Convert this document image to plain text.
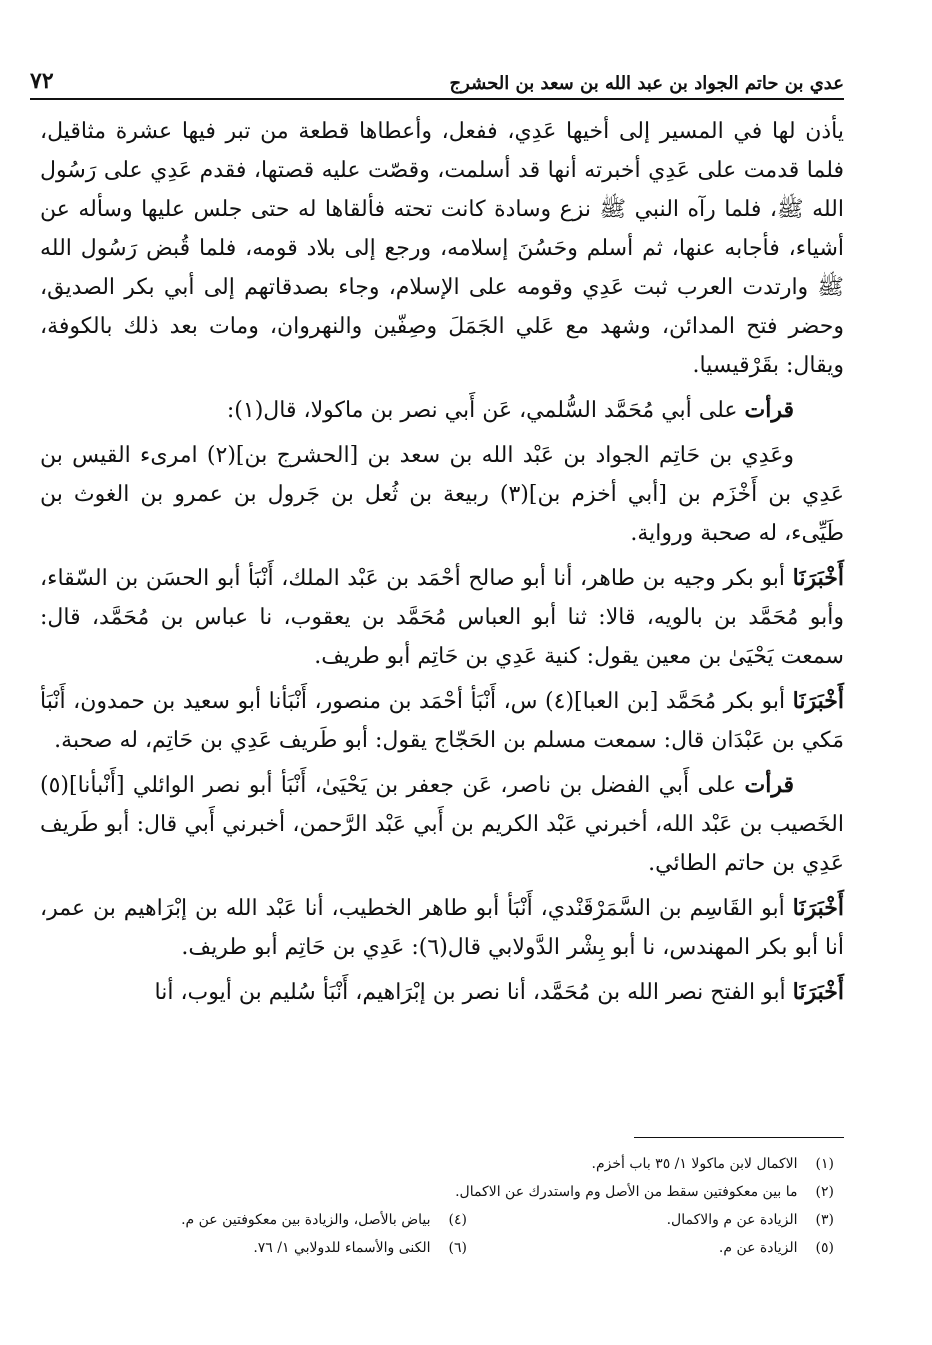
عدي بن حاتم الجواد بن عبد الله بن سعد بن الحشرج
٧٢

يأذن لها في المسير إلى أخيها عَدِي، ففعل، وأعطاها قطعة من تبر فيها عشرة مثاقيل، فلما قدمت على عَدِي أخبرته أنها قد أسلمت، وقصّت عليه قصتها، فقدم عَدِي على رَسُول الله ﷺ، فلما رآه النبي ﷺ نزع وسادة كانت تحته فألقاها له حتى جلس عليها وسأله عن أشياء، فأجابه عنها، ثم أسلم وحَسُنَ إسلامه، ورجع إلى بلاد قومه، فلما قُبض رَسُول الله ﷺ وارتدت العرب ثبت عَدِي وقومه على الإسلام، وجاء بصدقاتهم إلى أبي بكر الصديق، وحضر فتح المدائن، وشهد مع عَلي الجَمَلَ وصِفّين والنهروان، ومات بعد ذلك بالكوفة، ويقال: بقَرْقيسيا.

قرأت على أبي مُحَمَّد السُّلمي، عَن أَبي نصر بن ماكولا، قال(١):

وعَدِي بن حَاتِم الجواد بن عَبْد الله بن سعد بن [الحشرج بن](٢) امرىء القيس بن عَدِي بن أَخْزَم بن [أبي أخزم بن](٣) ربيعة بن ثُعل بن جَرول بن عمرو بن الغوث بن طَيِّىء، له صحبة ورواية.

أَخْبَرَنَا أبو بكر وجيه بن طاهر، أنا أبو صالح أحْمَد بن عَبْد الملك، أَنْبَأ أبو الحسَن بن السّقاء، وأبو مُحَمَّد بن بالويه، قالا: ثنا أبو العباس مُحَمَّد بن يعقوب، نا عباس بن مُحَمَّد، قال: سمعت يَحْيَىٰ بن معين يقول: كنية عَدِي بن حَاتِم أبو طريف.

أَخْبَرَنَا أبو بكر مُحَمَّد [بن العبا](٤) س، أَنْبَأ أحْمَد بن منصور، أَنْبَأنا أبو سعيد بن حمدون، أَنْبَأ مَكي بن عَبْدَان قال: سمعت مسلم بن الحَجّاج يقول: أبو طَريف عَدِي بن حَاتِم، له صحبة.

قرأت على أَبي الفضل بن ناصر، عَن جعفر بن يَحْيَىٰ، أَنْبَأ أبو نصر الوائلي [أَنْبأنا](٥) الخَصيب بن عَبْد الله، أخبرني عَبْد الكريم بن أَبي عَبْد الرَّحمن، أخبرني أَبي قال: أبو طَريف عَدِي بن حاتم الطائي.

أَخْبَرَنَا أبو القَاسِم بن السَّمَرْقَنْدي، أَنْبَأ أبو طاهر الخطيب، أنا عَبْد الله بن إبْرَاهيم بن عمر، أنا أبو بكر المهندس، نا أبو بِشْر الدَّولابي قال(٦): عَدِي بن حَاتِم أبو طريف.

أَخْبَرَنَا أبو الفتح نصر الله بن مُحَمَّد، أنا نصر بن إبْرَاهيم، أَنْبَأ سُليم بن أيوب، أنا

(١)
الاكمال لابن ماكولا ١/ ٣٥ باب أخزم.
(٢)
ما بين معكوفتين سقط من الأصل وم واستدرك عن الاكمال.
(٣)
الزيادة عن م والاكمال.
(٤)
بياض بالأصل، والزيادة بين معكوفتين عن م.
(٥)
الزيادة عن م.
(٦)
الكنى والأسماء للدولابي ١/ ٧٦.
